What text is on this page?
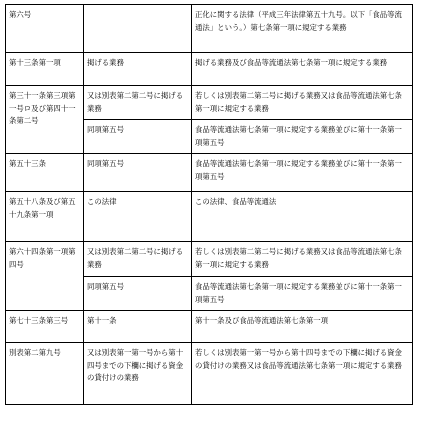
第六号		正化に関する法律（平成三年法律第五十九号。以下「食品等流通法」という。）第七条第一項に規定する業務
第十三条第一項	掲げる業務	掲げる業務及び食品等流通法第七条第一項に規定する業務
第三十一条第三項第一号ロ及び第四十一条第二号	又は別表第二第二号に掲げる業務	若しくは別表第二第二号に掲げる業務又は食品等流通法第七条第一項に規定する業務
	同項第五号	食品等流通法第七条第一項に規定する業務並びに第十一条第一項第五号
第五十三条	同項第五号	食品等流通法第七条第一項に規定する業務並びに第十一条第一項第五号
第五十八条及び第五十九条第一項	この法律	この法律、食品等流通法
第六十四条第一項第四号	又は別表第二第二号に掲げる業務	若しくは別表第二第二号に掲げる業務又は食品等流通法第七条第一項に規定する業務
	同項第五号	食品等流通法第七条第一項に規定する業務並びに第十一条第一項第五号
第七十三条第三号	第十一条	第十一条及び食品等流通法第七条第一項
別表第二第九号	又は別表第一第一号から第十四号までの下欄に掲げる資金の貸付けの業務	若しくは別表第一第一号から第十四号までの下欄に掲げる資金の貸付けの業務又は食品等流通法第七条第一項に規定する業務
